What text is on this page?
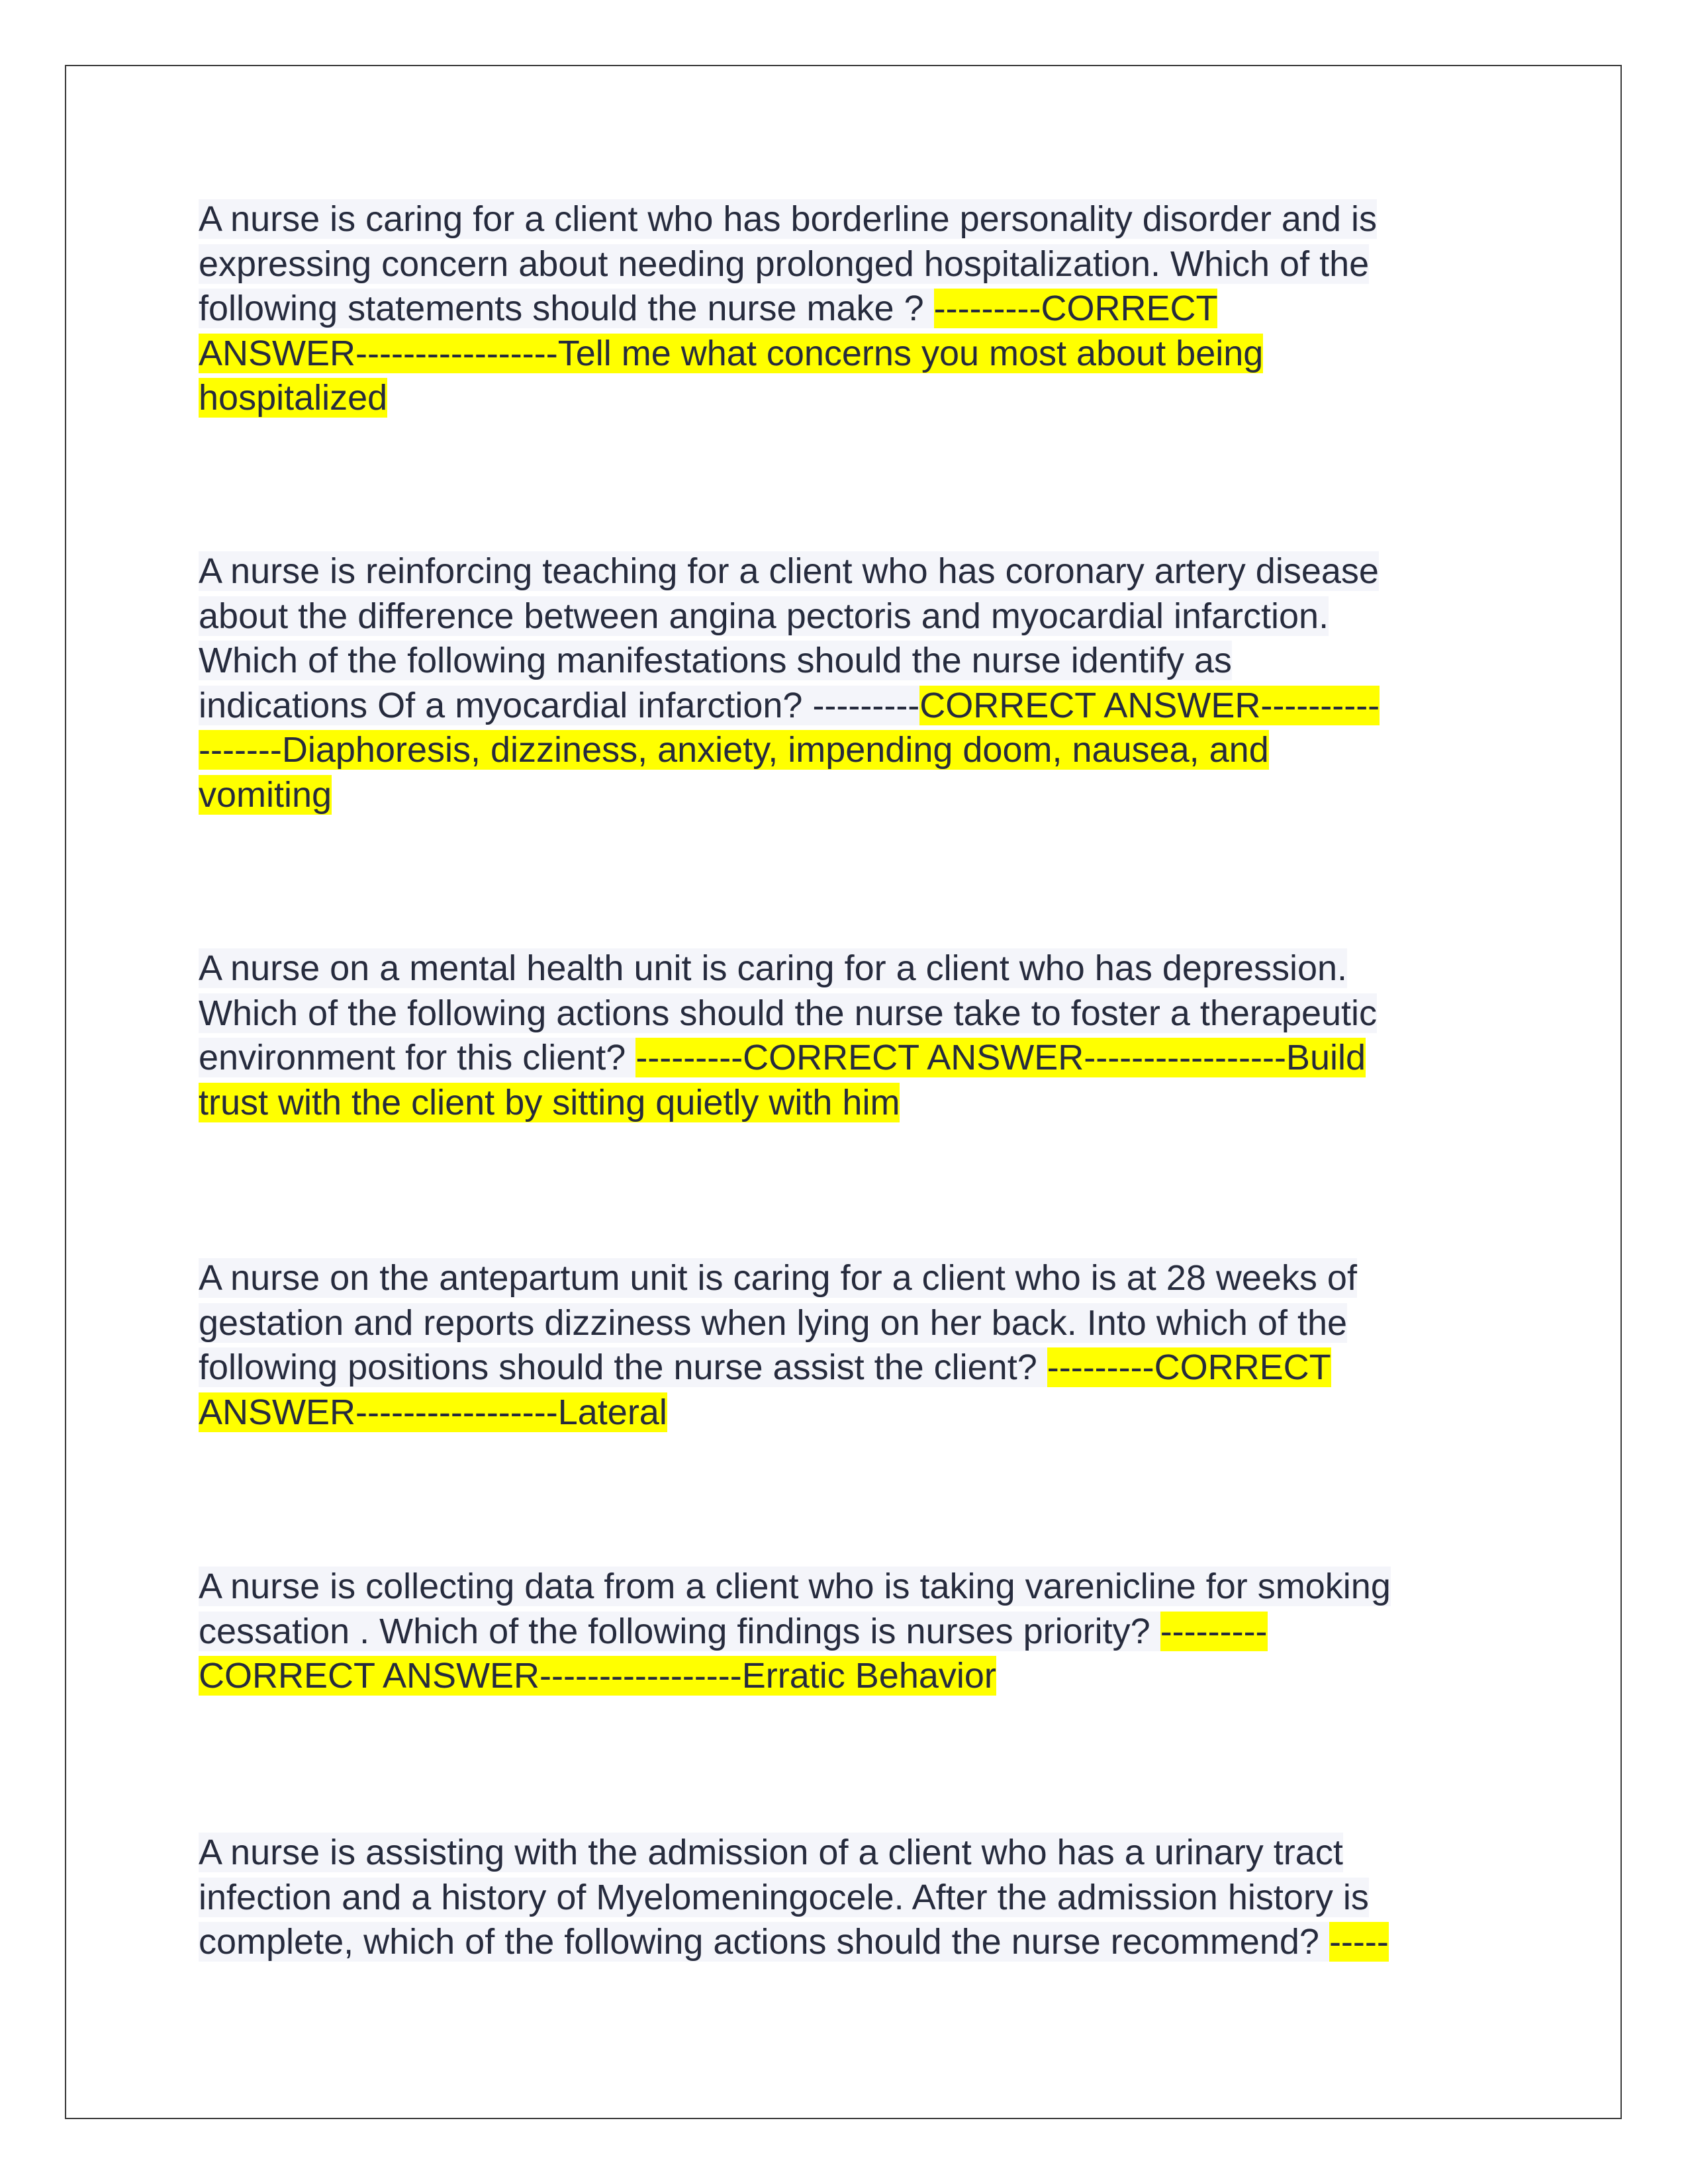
A nurse is caring for a client who has borderline personality disorder and is
expressing concern about needing prolonged hospitalization. Which of the
following statements should the nurse make ? ---------CORRECT
ANSWER-----------------Tell me what concerns you most about being
hospitalized
A nurse is reinforcing teaching for a client who has coronary artery disease
about the difference between angina pectoris and myocardial infarction.
Which of the following manifestations should the nurse identify as
indications Of a myocardial infarction? ---------CORRECT ANSWER----------
-------Diaphoresis, dizziness, anxiety, impending doom, nausea, and
vomiting
A nurse on a mental health unit is caring for a client who has depression.
Which of the following actions should the nurse take to foster a therapeutic
environment for this client? ---------CORRECT ANSWER-----------------Build
trust with the client by sitting quietly with him
A nurse on the antepartum unit is caring for a client who is at 28 weeks of
gestation and reports dizziness when lying on her back. Into which of the
following positions should the nurse assist the client? ---------CORRECT
ANSWER-----------------Lateral
A nurse is collecting data from a client who is taking varenicline for smoking
cessation . Which of the following findings is nurses priority? ---------
CORRECT ANSWER-----------------Erratic Behavior
A nurse is assisting with the admission of a client who has a urinary tract
infection and a history of Myelomeningocele. After the admission history is
complete, which of the following actions should the nurse recommend? -----
